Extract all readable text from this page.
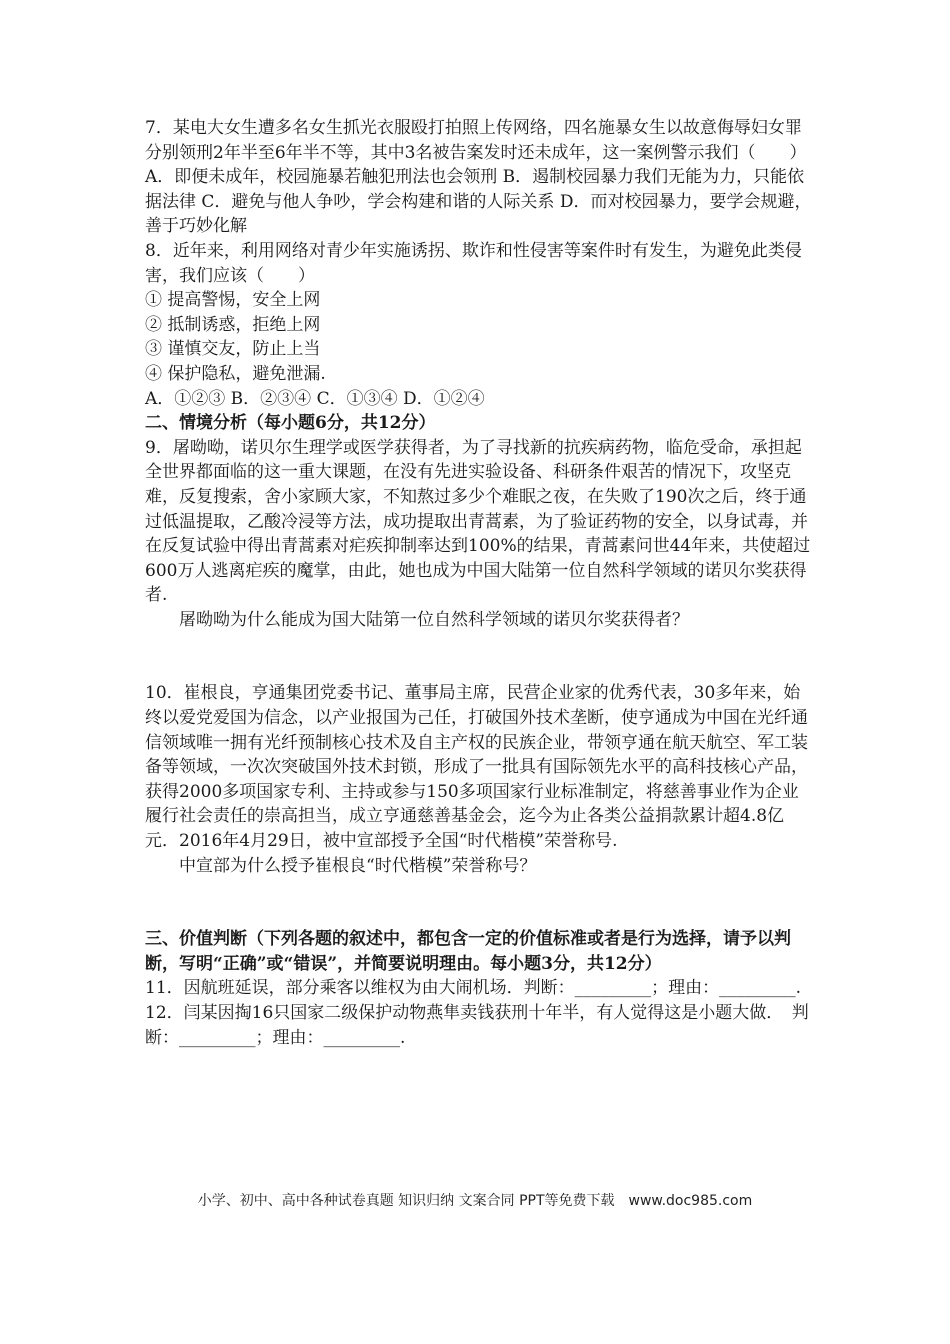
7．某电大女生遭多名女生抓光衣服殴打拍照上传网络，四名施暴女生以故意侮辱妇女罪分别领刑2年半至6年半不等，其中3名被告案发时还未成年，这一案例警示我们（　　）

A．即便未成年，校园施暴若触犯刑法也会领刑 B．遏制校园暴力我们无能为力，只能依据法律 C．避免与他人争吵，学会构建和谐的人际关系 D．而对校园暴力，要学会规避，善于巧妙化解

8．近年来，利用网络对青少年实施诱拐、欺诈和性侵害等案件时有发生，为避免此类侵害，我们应该（　　）

① 提高警惕，安全上网

② 抵制诱惑，拒绝上网

③ 谨慎交友，防止上当

④ 保护隐私，避免泄漏.

A．①②③ B．②③④ C．①③④ D．①②④

二、情境分析（每小题6分，共12分）

9．屠呦呦，诺贝尔生理学或医学获得者，为了寻找新的抗疾病药物，临危受命，承担起全世界都面临的这一重大课题，在没有先进实验设备、科研条件艰苦的情况下，攻坚克难，反复搜索，舍小家顾大家，不知熬过多少个难眠之夜，在失败了190次之后，终于通过低温提取，乙酸冷浸等方法，成功提取出青蒿素，为了验证药物的安全，以身试毒，并在反复试验中得出青蒿素对疟疾抑制率达到100%的结果，青蒿素问世44年来，共使超过600万人逃离疟疾的魔掌，由此，她也成为中国大陆第一位自然科学领域的诺贝尔奖获得者.

屠呦呦为什么能成为国大陆第一位自然科学领域的诺贝尔奖获得者？

10．崔根良，亨通集团党委书记、董事局主席，民营企业家的优秀代表，30多年来，始终以爱党爱国为信念，以产业报国为己任，打破国外技术垄断，使亨通成为中国在光纤通信领域唯一拥有光纤预制核心技术及自主产权的民族企业，带领亨通在航天航空、军工装备等领域，一次次突破国外技术封锁，形成了一批具有国际领先水平的高科技核心产品，获得2000多项国家专利、主持或参与150多项国家行业标准制定，将慈善事业作为企业履行社会责任的崇高担当，成立亨通慈善基金会，迄今为止各类公益捐款累计超4.8亿元．2016年4月29日，被中宣部授予全国“时代楷模”荣誉称号.

中宣部为什么授予崔根良“时代楷模”荣誉称号？

三、价值判断（下列各题的叙述中，都包含一定的价值标准或者是行为选择，请予以判断，写明“正确”或“错误”，并简要说明理由。每小题3分，共12分）

11．因航班延误，部分乘客以维权为由大闹机场．判断：_________；理由：_________.

12．闫某因掏16只国家二级保护动物燕隼卖钱获刑十年半，有人觉得这是小题大做．　判断：_________；理由：_________.

小学、初中、高中各种试卷真题 知识归纳 文案合同 PPT等免费下载　www.doc985.com
